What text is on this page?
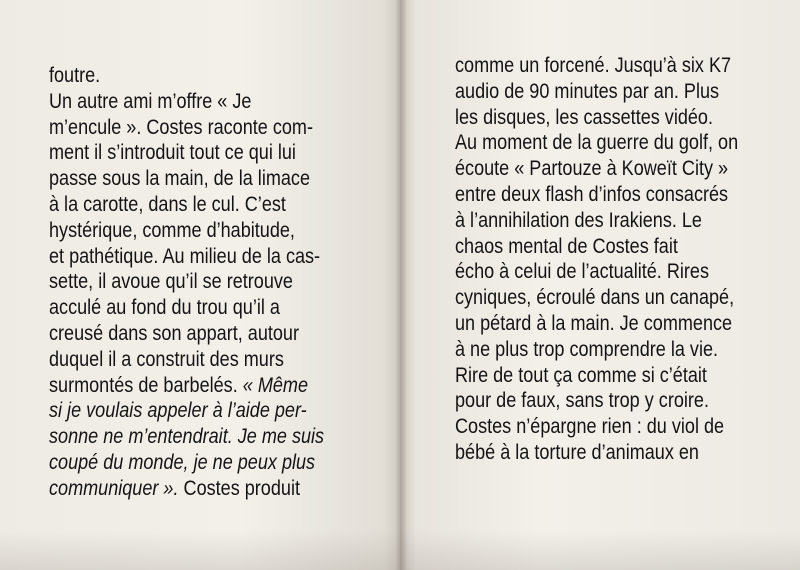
foutre.
Un autre ami m’offre « Je
m’encule ». Costes raconte com-
ment il s’introduit tout ce qui lui
passe sous la main, de la limace
à la carotte, dans le cul. C’est
hystérique, comme d’habitude,
et pathétique. Au milieu de la cas-
sette, il avoue qu’il se retrouve
acculé au fond du trou qu’il a
creusé dans son appart, autour
duquel il a construit des murs
surmontés de barbelés. « Même
si je voulais appeler à l’aide per-
sonne ne m’entendrait. Je me suis
coupé du monde, je ne peux plus
communiquer ». Costes produit
comme un forcené. Jusqu’à six K7
audio de 90 minutes par an. Plus
les disques, les cassettes vidéo.
Au moment de la guerre du golf, on
écoute « Partouze à Koweït City »
entre deux flash d’infos consacrés
à l’annihilation des Irakiens. Le
chaos mental de Costes fait
écho à celui de l’actualité. Rires
cyniques, écroulé dans un canapé,
un pétard à la main. Je commence
à ne plus trop comprendre la vie.
Rire de tout ça comme si c’était
pour de faux, sans trop y croire.
Costes n’épargne rien : du viol de
bébé à la torture d’animaux en
